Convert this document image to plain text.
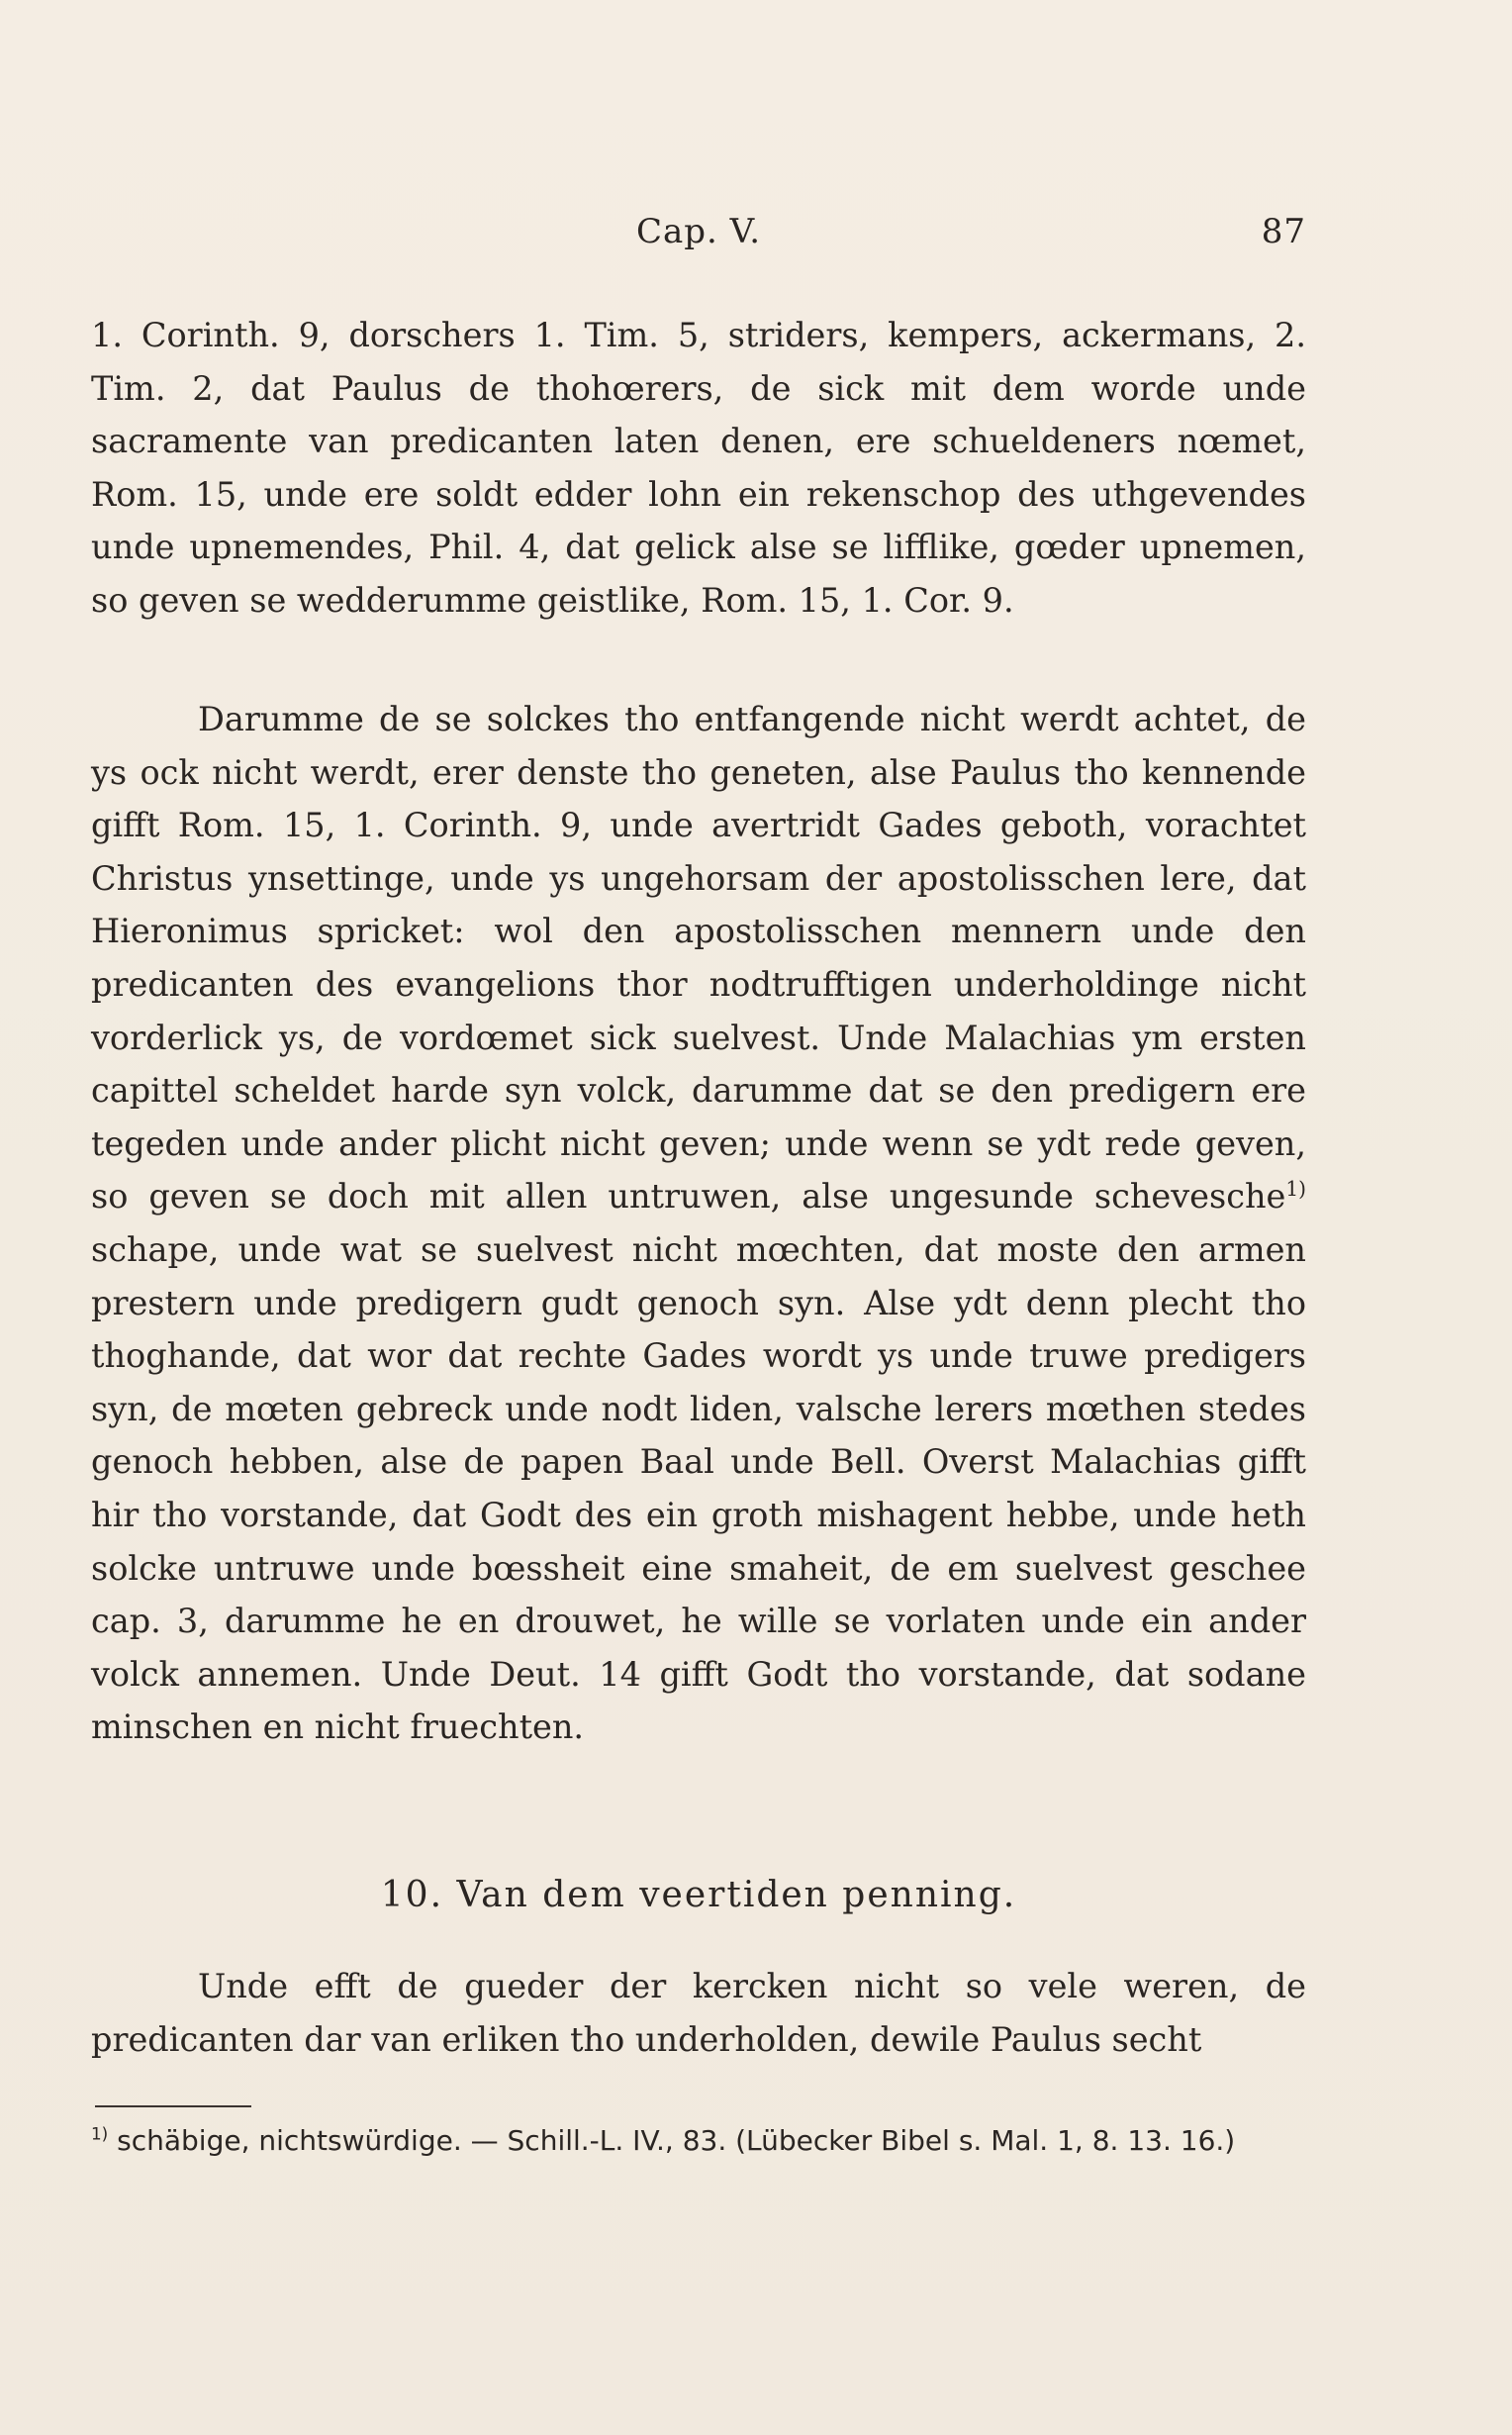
Cap. V.	87

1. Corinth. 9, dorschers 1. Tim. 5, striders, kempers, ackermans, 2. Tim. 2, dat Paulus de thohœrers, de sick mit dem worde unde sacramente van predicanten laten denen, ere schueldeners nœmet, Rom. 15, unde ere soldt edder lohn ein rekenschop des uthgevendes unde upnemendes, Phil. 4, dat gelick alse se lifflike, gœder upnemen, so geven se wedderumme geistlike, Rom. 15, 1. Cor. 9.

Darumme de se solckes tho entfangende nicht werdt achtet, de ys ock nicht werdt, erer denste tho geneten, alse Paulus tho kennende gifft Rom. 15, 1. Corinth. 9, unde avertridt Gades geboth, vorachtet Christus ynsettinge, unde ys ungehorsam der apostolisschen lere, dat Hieronimus spricket: wol den apostolisschen mennern unde den predicanten des evangelions thor nodtrufftigen underholdinge nicht vorderlick ys, de vordœmet sick suelvest. Unde Malachias ym ersten capittel scheldet harde syn volck, darumme dat se den predigern ere tegeden unde ander plicht nicht geven; unde wenn se ydt rede geven, so geven se doch mit allen untruwen, alse ungesunde schevesche$^{1)}$ schape, unde wat se suelvest nicht mœchten, dat moste den armen prestern unde predigern gudt genoch syn. Alse ydt denn plecht tho thoghande, dat wor dat rechte Gades wordt ys unde truwe predigers syn, de mœten gebreck unde nodt liden, valsche lerers mœthen stedes genoch hebben, alse de papen Baal unde Bell. Overst Malachias gifft hir tho vorstande, dat Godt des ein groth mishagent hebbe, unde heth solcke untruwe unde bœssheit eine smaheit, de em suelvest geschee cap. 3, darumme he en drouwet, he wille se vorlaten unde ein ander volck annemen. Unde Deut. 14 gifft Godt tho vorstande, dat sodane minschen en nicht fruechten.

10. Van dem veertiden penning.

Unde efft de gueder der kercken nicht so vele weren, de predicanten dar van erliken tho underholden, dewile Paulus secht

$^{1)}$ schäbige, nichtswürdige. — Schill.-L. IV., 83. (Lübecker Bibel s. Mal. 1, 8. 13. 16.)
